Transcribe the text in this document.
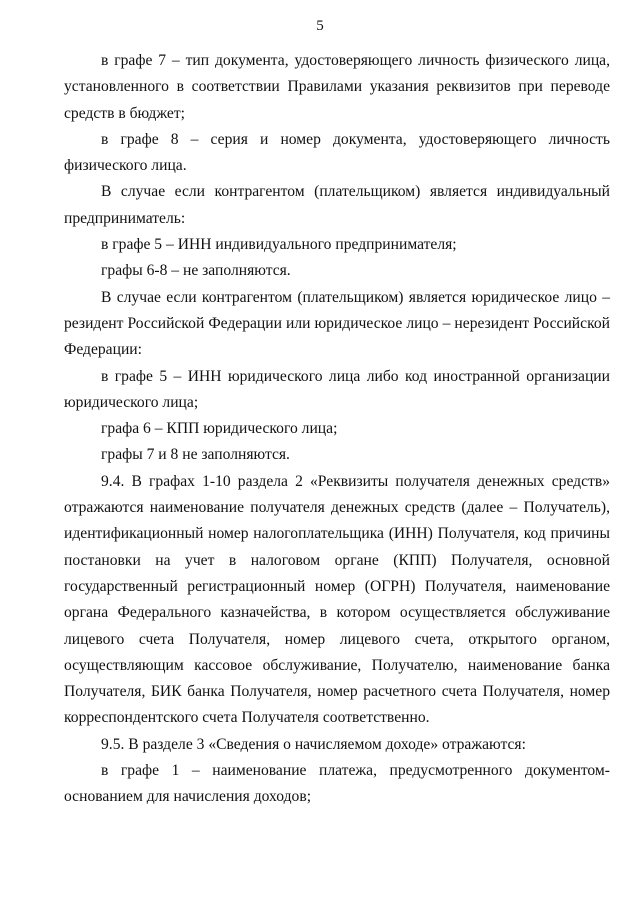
5

в графе 7 – тип документа, удостоверяющего личность физического лица, установленного в соответствии Правилами указания реквизитов при переводе средств в бюджет;

в графе 8 – серия и номер документа, удостоверяющего личность физического лица.

В случае если контрагентом (плательщиком) является индивидуальный предприниматель:

в графе 5 – ИНН индивидуального предпринимателя;

графы 6-8 – не заполняются.

В случае если контрагентом (плательщиком) является юридическое лицо – резидент Российской Федерации или юридическое лицо – нерезидент Российской Федерации:

в графе 5 – ИНН юридического лица либо код иностранной организации юридического лица;

графа 6 – КПП юридического лица;

графы 7 и 8 не заполняются.

9.4. В графах 1-10 раздела 2 «Реквизиты получателя денежных средств» отражаются наименование получателя денежных средств (далее – Получатель), идентификационный номер налогоплательщика (ИНН) Получателя, код причины постановки на учет в налоговом органе (КПП) Получателя, основной государственный регистрационный номер (ОГРН) Получателя, наименование органа Федерального казначейства, в котором осуществляется обслуживание лицевого счета Получателя, номер лицевого счета, открытого органом, осуществляющим кассовое обслуживание, Получателю, наименование банка Получателя, БИК банка Получателя, номер расчетного счета Получателя, номер корреспондентского счета Получателя соответственно.

9.5. В разделе 3 «Сведения о начисляемом доходе» отражаются:

в графе 1 – наименование платежа, предусмотренного документом-основанием для начисления доходов;
